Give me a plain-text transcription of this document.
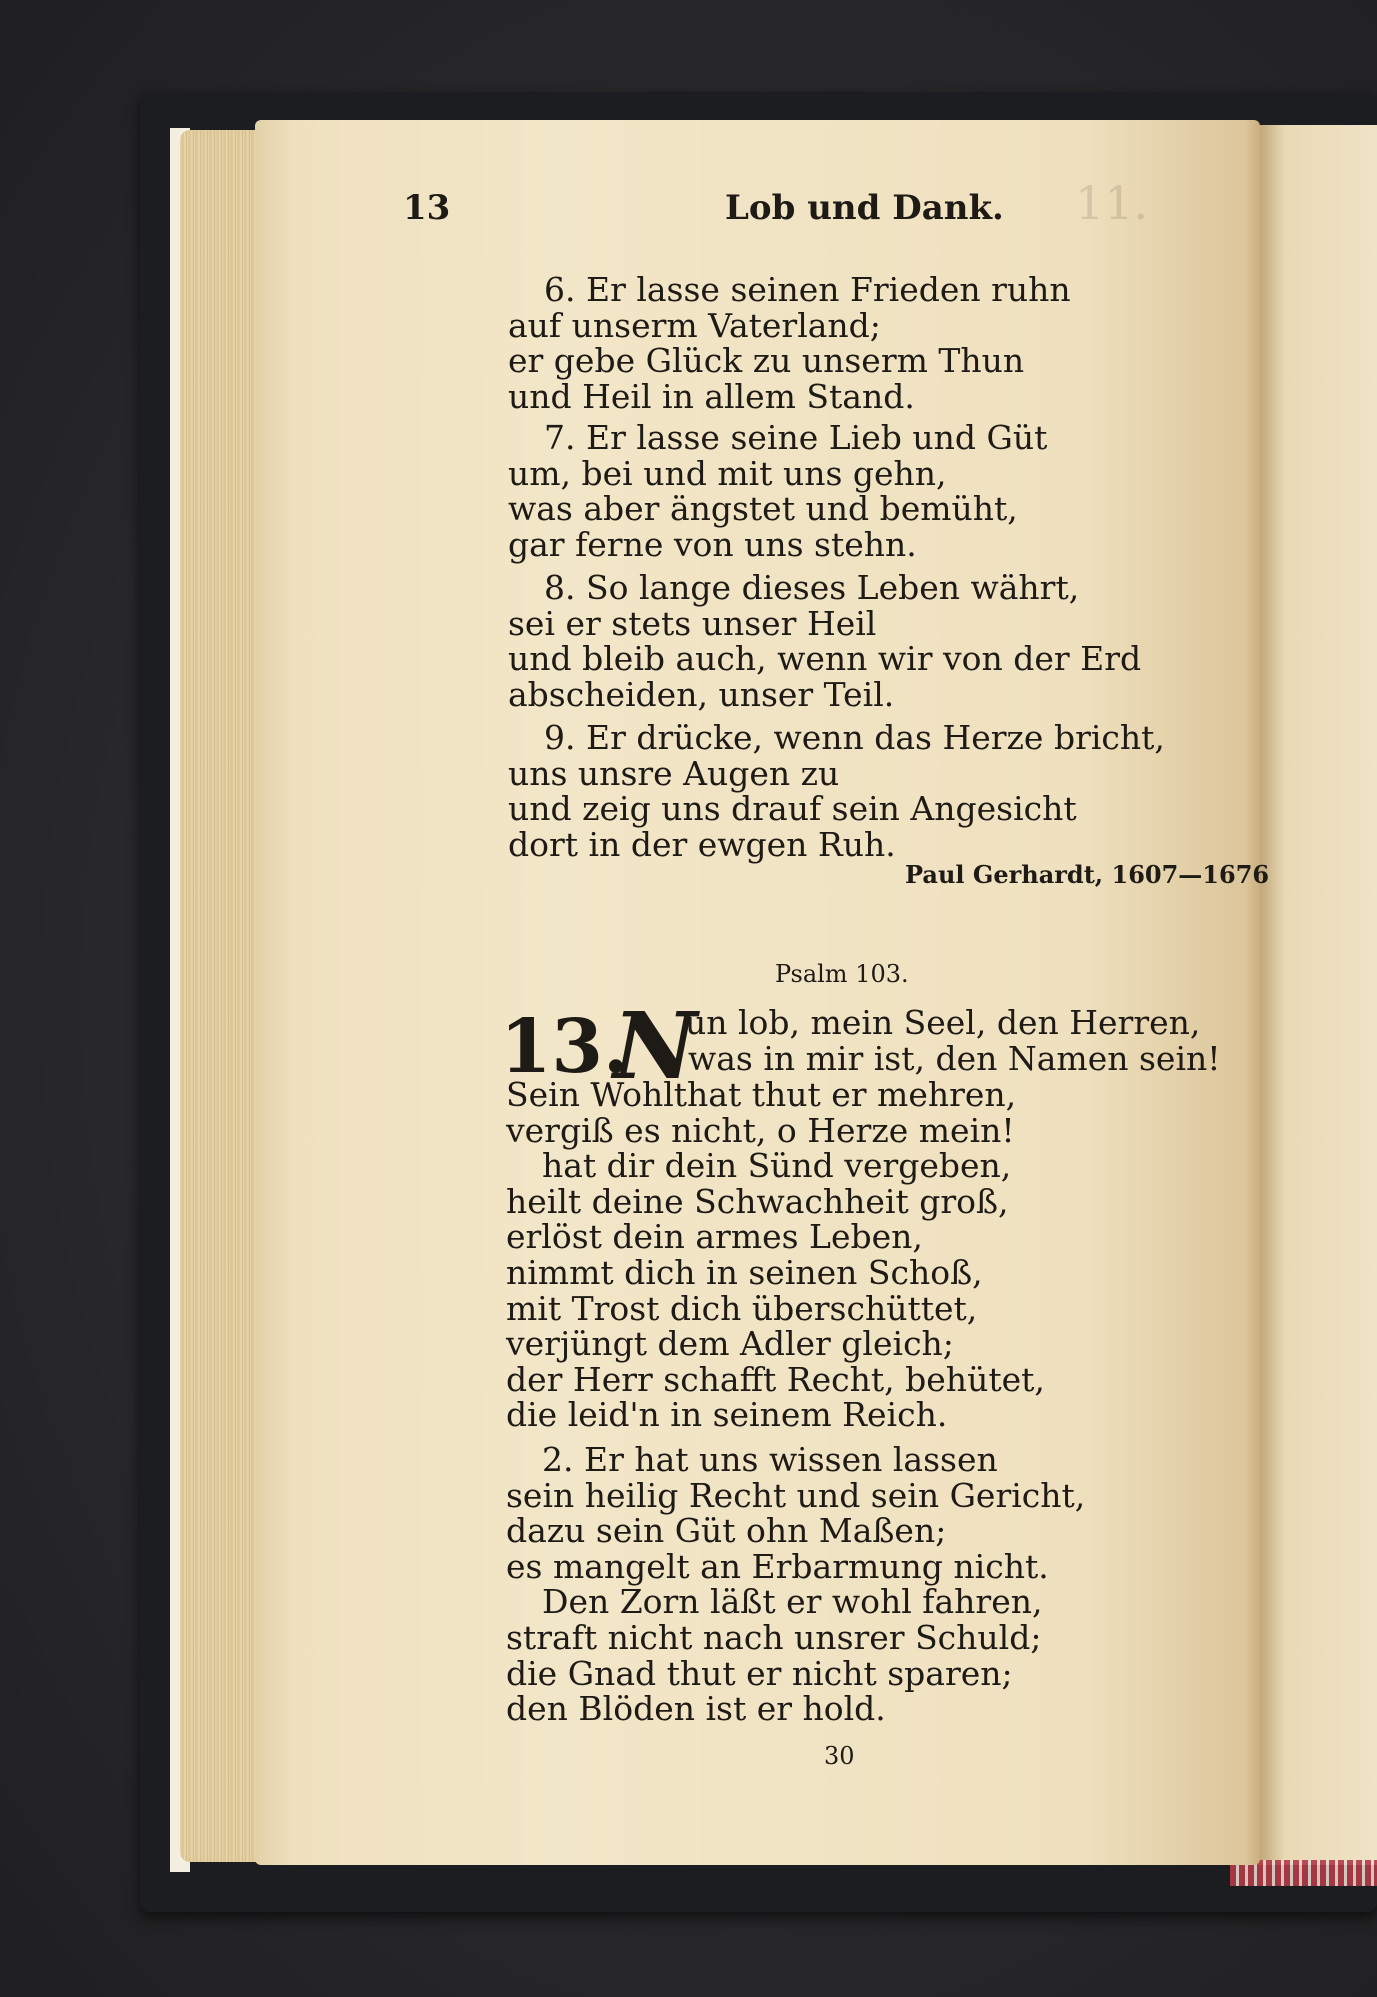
11.
13	Lob und Dank.
6. Er lasse seinen Frieden ruhn
auf unserm Vaterland;
er gebe Glück zu unserm Thun
und Heil in allem Stand.
7. Er lasse seine Lieb und Güt
um, bei und mit uns gehn,
was aber ängstet und bemüht,
gar ferne von uns stehn.
8. So lange dieses Leben währt,
sei er stets unser Heil
und bleib auch, wenn wir von der Erd
abscheiden, unser Teil.
9. Er drücke, wenn das Herze bricht,
uns unsre Augen zu
und zeig uns drauf sein Angesicht
dort in der ewgen Ruh.
Paul Gerhardt, 1607—1676
Psalm 103.
13.
N
un lob, mein Seel, den Herren,
was in mir ist, den Namen sein!
Sein Wohlthat thut er mehren,
vergiß es nicht, o Herze mein!
hat dir dein Sünd vergeben,
heilt deine Schwachheit groß,
erlöst dein armes Leben,
nimmt dich in seinen Schoß,
mit Trost dich überschüttet,
verjüngt dem Adler gleich;
der Herr schafft Recht, behütet,
die leid'n in seinem Reich.
2. Er hat uns wissen lassen
sein heilig Recht und sein Gericht,
dazu sein Güt ohn Maßen;
es mangelt an Erbarmung nicht.
Den Zorn läßt er wohl fahren,
straft nicht nach unsrer Schuld;
die Gnad thut er nicht sparen;
den Blöden ist er hold.
30
